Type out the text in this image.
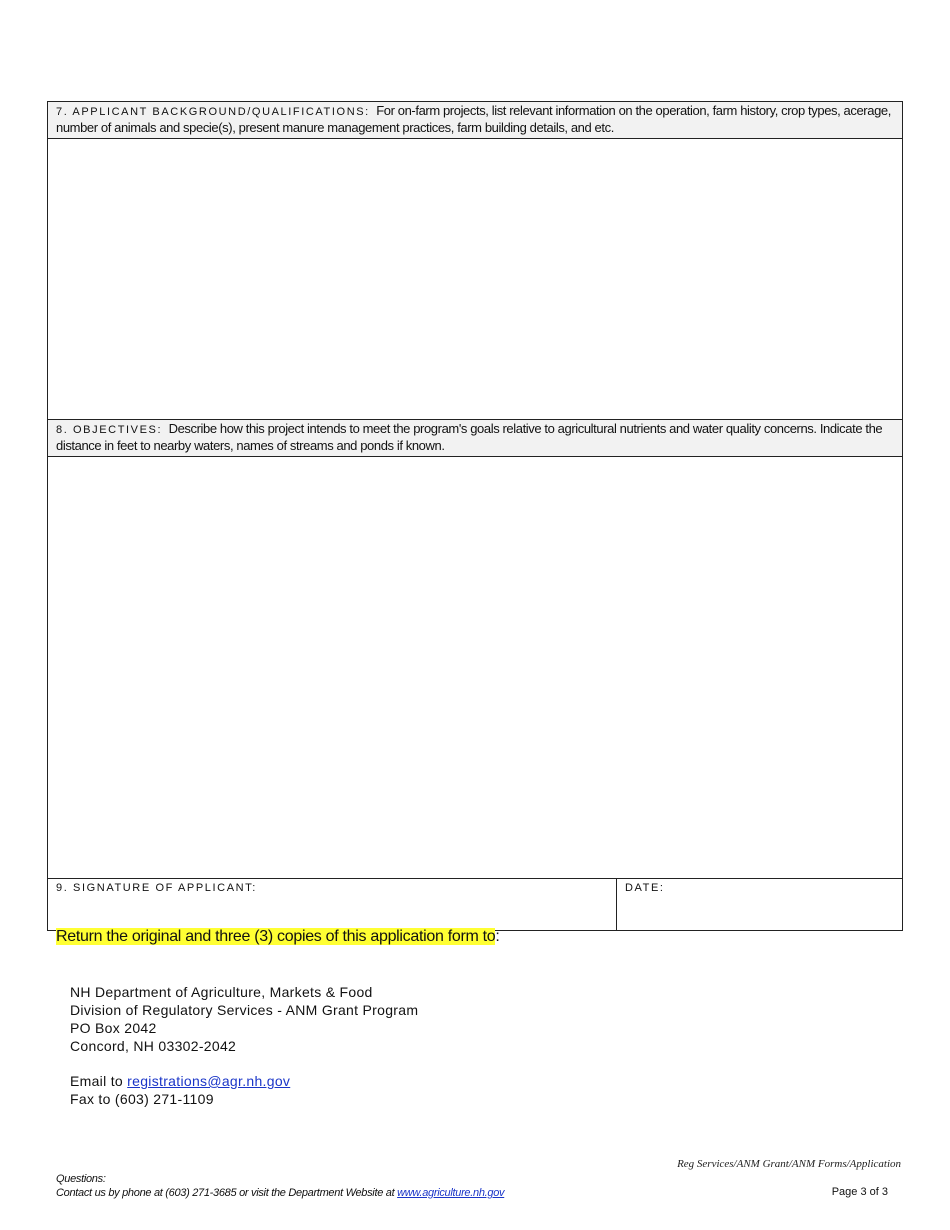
7. APPLICANT BACKGROUND/QUALIFICATIONS: For on-farm projects, list relevant information on the operation, farm history, crop types, acerage, number of animals and specie(s), present manure management practices, farm building details, and etc.
8. OBJECTIVES: Describe how this project intends to meet the program's goals relative to agricultural nutrients and water quality concerns. Indicate the distance in feet to nearby waters, names of streams and ponds if known.
9. SIGNATURE OF APPLICANT:	DATE:
Return the original and three (3) copies of this application form to:
NH Department of Agriculture, Markets & Food
Division of Regulatory Services - ANM Grant Program
PO Box 2042
Concord, NH 03302-2042
Email to registrations@agr.nh.gov
Fax to (603) 271-1109
Reg Services/ANM Grant/ANM Forms/Application
Questions:
Contact us by phone at (603) 271-3685 or visit the Department Website at www.agriculture.nh.gov	Page 3 of 3
